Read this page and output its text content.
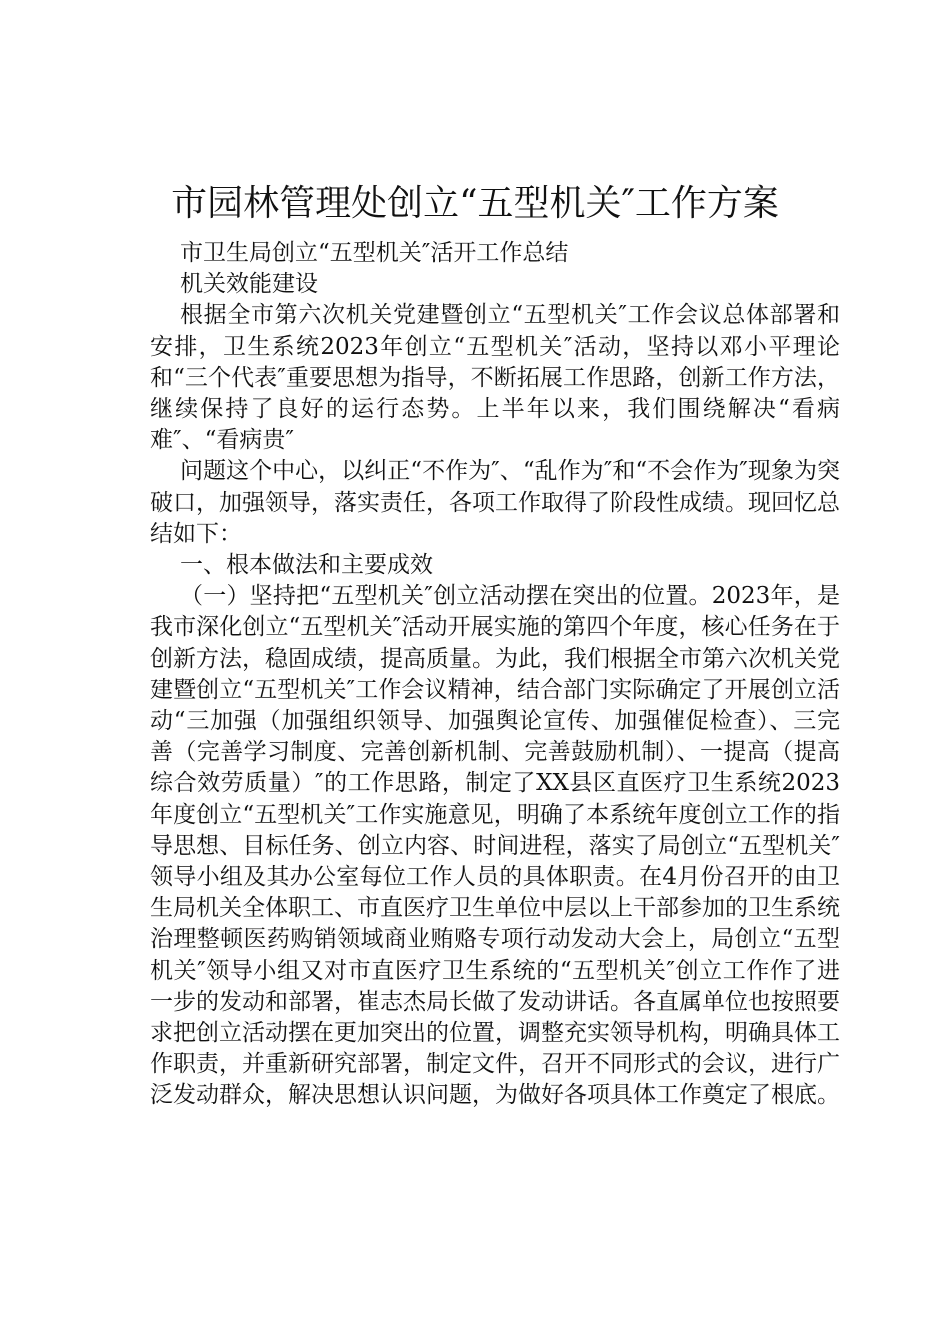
市园林管理处创立“五型机关″工作方案

市卫生局创立“五型机关″活开工作总结

机关效能建设

根据全市第六次机关党建暨创立“五型机关″工作会议总体部署和安排，卫生系统2023年创立“五型机关″活动，坚持以邓小平理论和“三个代表″重要思想为指导，不断拓展工作思路，创新工作方法，继续保持了良好的运行态势。上半年以来，我们围绕解决“看病难″、“看病贵″

问题这个中心，以纠正“不作为″、“乱作为″和“不会作为″现象为突破口，加强领导，落实责任，各项工作取得了阶段性成绩。现回忆总结如下：

一、根本做法和主要成效

（一）坚持把“五型机关″创立活动摆在突出的位置。2023年，是我市深化创立“五型机关″活动开展实施的第四个年度，核心任务在于创新方法，稳固成绩，提高质量。为此，我们根据全市第六次机关党建暨创立“五型机关″工作会议精神，结合部门实际确定了开展创立活动“三加强（加强组织领导、加强舆论宣传、加强催促检查）、三完善（完善学习制度、完善创新机制、完善鼓励机制）、一提高（提高综合效劳质量）″的工作思路，制定了XX县区直医疗卫生系统2023年度创立“五型机关″工作实施意见，明确了本系统年度创立工作的指导思想、目标任务、创立内容、时间进程，落实了局创立“五型机关″领导小组及其办公室每位工作人员的具体职责。在4月份召开的由卫生局机关全体职工、市直医疗卫生单位中层以上干部参加的卫生系统治理整顿医药购销领域商业贿赂专项行动发动大会上，局创立“五型机关″领导小组又对市直医疗卫生系统的“五型机关″创立工作作了进一步的发动和部署，崔志杰局长做了发动讲话。各直属单位也按照要求把创立活动摆在更加突出的位置，调整充实领导机构，明确具体工作职责，并重新研究部署，制定文件，召开不同形式的会议，进行广泛发动群众，解决思想认识问题，为做好各项具体工作奠定了根底。
